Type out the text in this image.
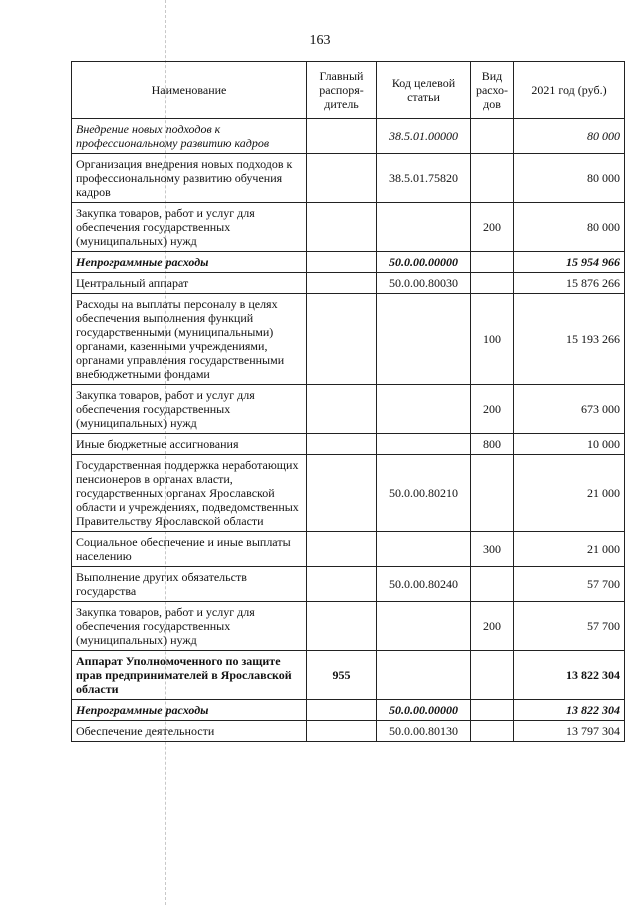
163
Наименование	Главный распоря-дитель	Код целевой статьи	Вид расхо-дов	2021 год (руб.)
Внедрение новых подходов к профессиональному развитию кадров		38.5.01.00000		80 000
Организация внедрения новых подходов к профессиональному развитию обучения кадров		38.5.01.75820		80 000
Закупка товаров, работ и услуг для обеспечения государственных (муниципальных) нужд			200	80 000
Непрограммные расходы		50.0.00.00000		15 954 966
Центральный аппарат		50.0.00.80030		15 876 266
Расходы на выплаты персоналу в целях обеспечения выполнения функций государственными (муниципальными) органами, казенными учреждениями, органами управления государственными внебюджетными фондами			100	15 193 266
Закупка товаров, работ и услуг для обеспечения государственных (муниципальных) нужд			200	673 000
Иные бюджетные ассигнования			800	10 000
Государственная поддержка неработающих пенсионеров в органах власти, государственных органах Ярославской области и учреждениях, подведомственных Правительству Ярославской области		50.0.00.80210		21 000
Социальное обеспечение и иные выплаты населению			300	21 000
Выполнение других обязательств государства		50.0.00.80240		57 700
Закупка товаров, работ и услуг для обеспечения государственных (муниципальных) нужд			200	57 700
Аппарат Уполномоченного по защите прав предпринимателей в Ярославской области	955			13 822 304
Непрограммные расходы		50.0.00.00000		13 822 304
Обеспечение деятельности		50.0.00.80130		13 797 304
